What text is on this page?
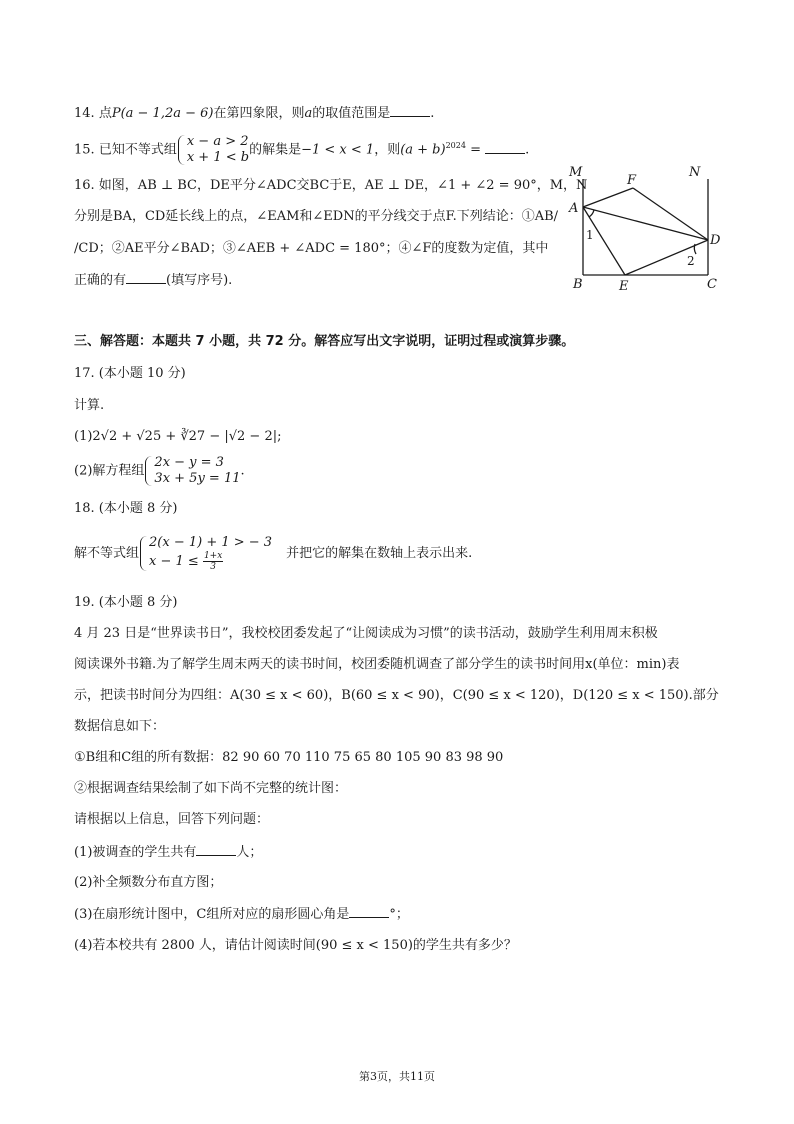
14. 点P(a − 1,2a − 6)在第四象限，则a的取值范围是	.
15. 已知不等式组
x − a > 2
x + 1 < b 的解集是−1 < x < 1，则$(a + b)^{2024}$ =	.
16. 如图，AB ⊥ BC，DE平分∠ADC交BC于E，AE ⊥ DE，∠1 + ∠2 = 90°，M，N
分别是BA，CD延长线上的点，∠EAM和∠EDN的平分线交于点F.下列结论：①AB/
/CD；②AE平分∠BAD；③∠AEB + ∠ADC = 180°；④∠F的度数为定值，其中
正确的有	(填写序号).
M	N
F
A
D
B	E	C
1
2
三、解答题：本题共 7 小题，共 72 分。解答应写出文字说明，证明过程或演算步骤。
17. (本小题 10 分)
计算.
(1)2√2 + √25 + ∛27 − |√2 − 2|;
(2)解方程组
2x − y = 3
3x + 5y = 11 .
18. (本小题 8 分)
解不等式组
2(x − 1) + 1 > − 3
$x - 1 \le \frac{1+x}{3}$	并把它的解集在数轴上表示出来.
19. (本小题 8 分)
4 月 23 日是“世界读书日”，我校校团委发起了“让阅读成为习惯”的读书活动，鼓励学生利用周末积极
阅读课外书籍.为了解学生周末两天的读书时间，校团委随机调查了部分学生的读书时间用x(单位：min)表
示，把读书时间分为四组：A(30 ≤ x < 60)，B(60 ≤ x < 90)，C(90 ≤ x < 120)，D(120 ≤ x < 150).部分
数据信息如下：
①B组和C组的所有数据：82 90 60 70 110 75 65 80 105 90 83 98 90
②根据调查结果绘制了如下尚不完整的统计图：
请根据以上信息，回答下列问题：
(1)被调查的学生共有	人；
(2)补全频数分布直方图；
(3)在扇形统计图中，C组所对应的扇形圆心角是	°；
(4)若本校共有 2800 人，请估计阅读时间(90 ≤ x < 150)的学生共有多少？
第3页，共11页
